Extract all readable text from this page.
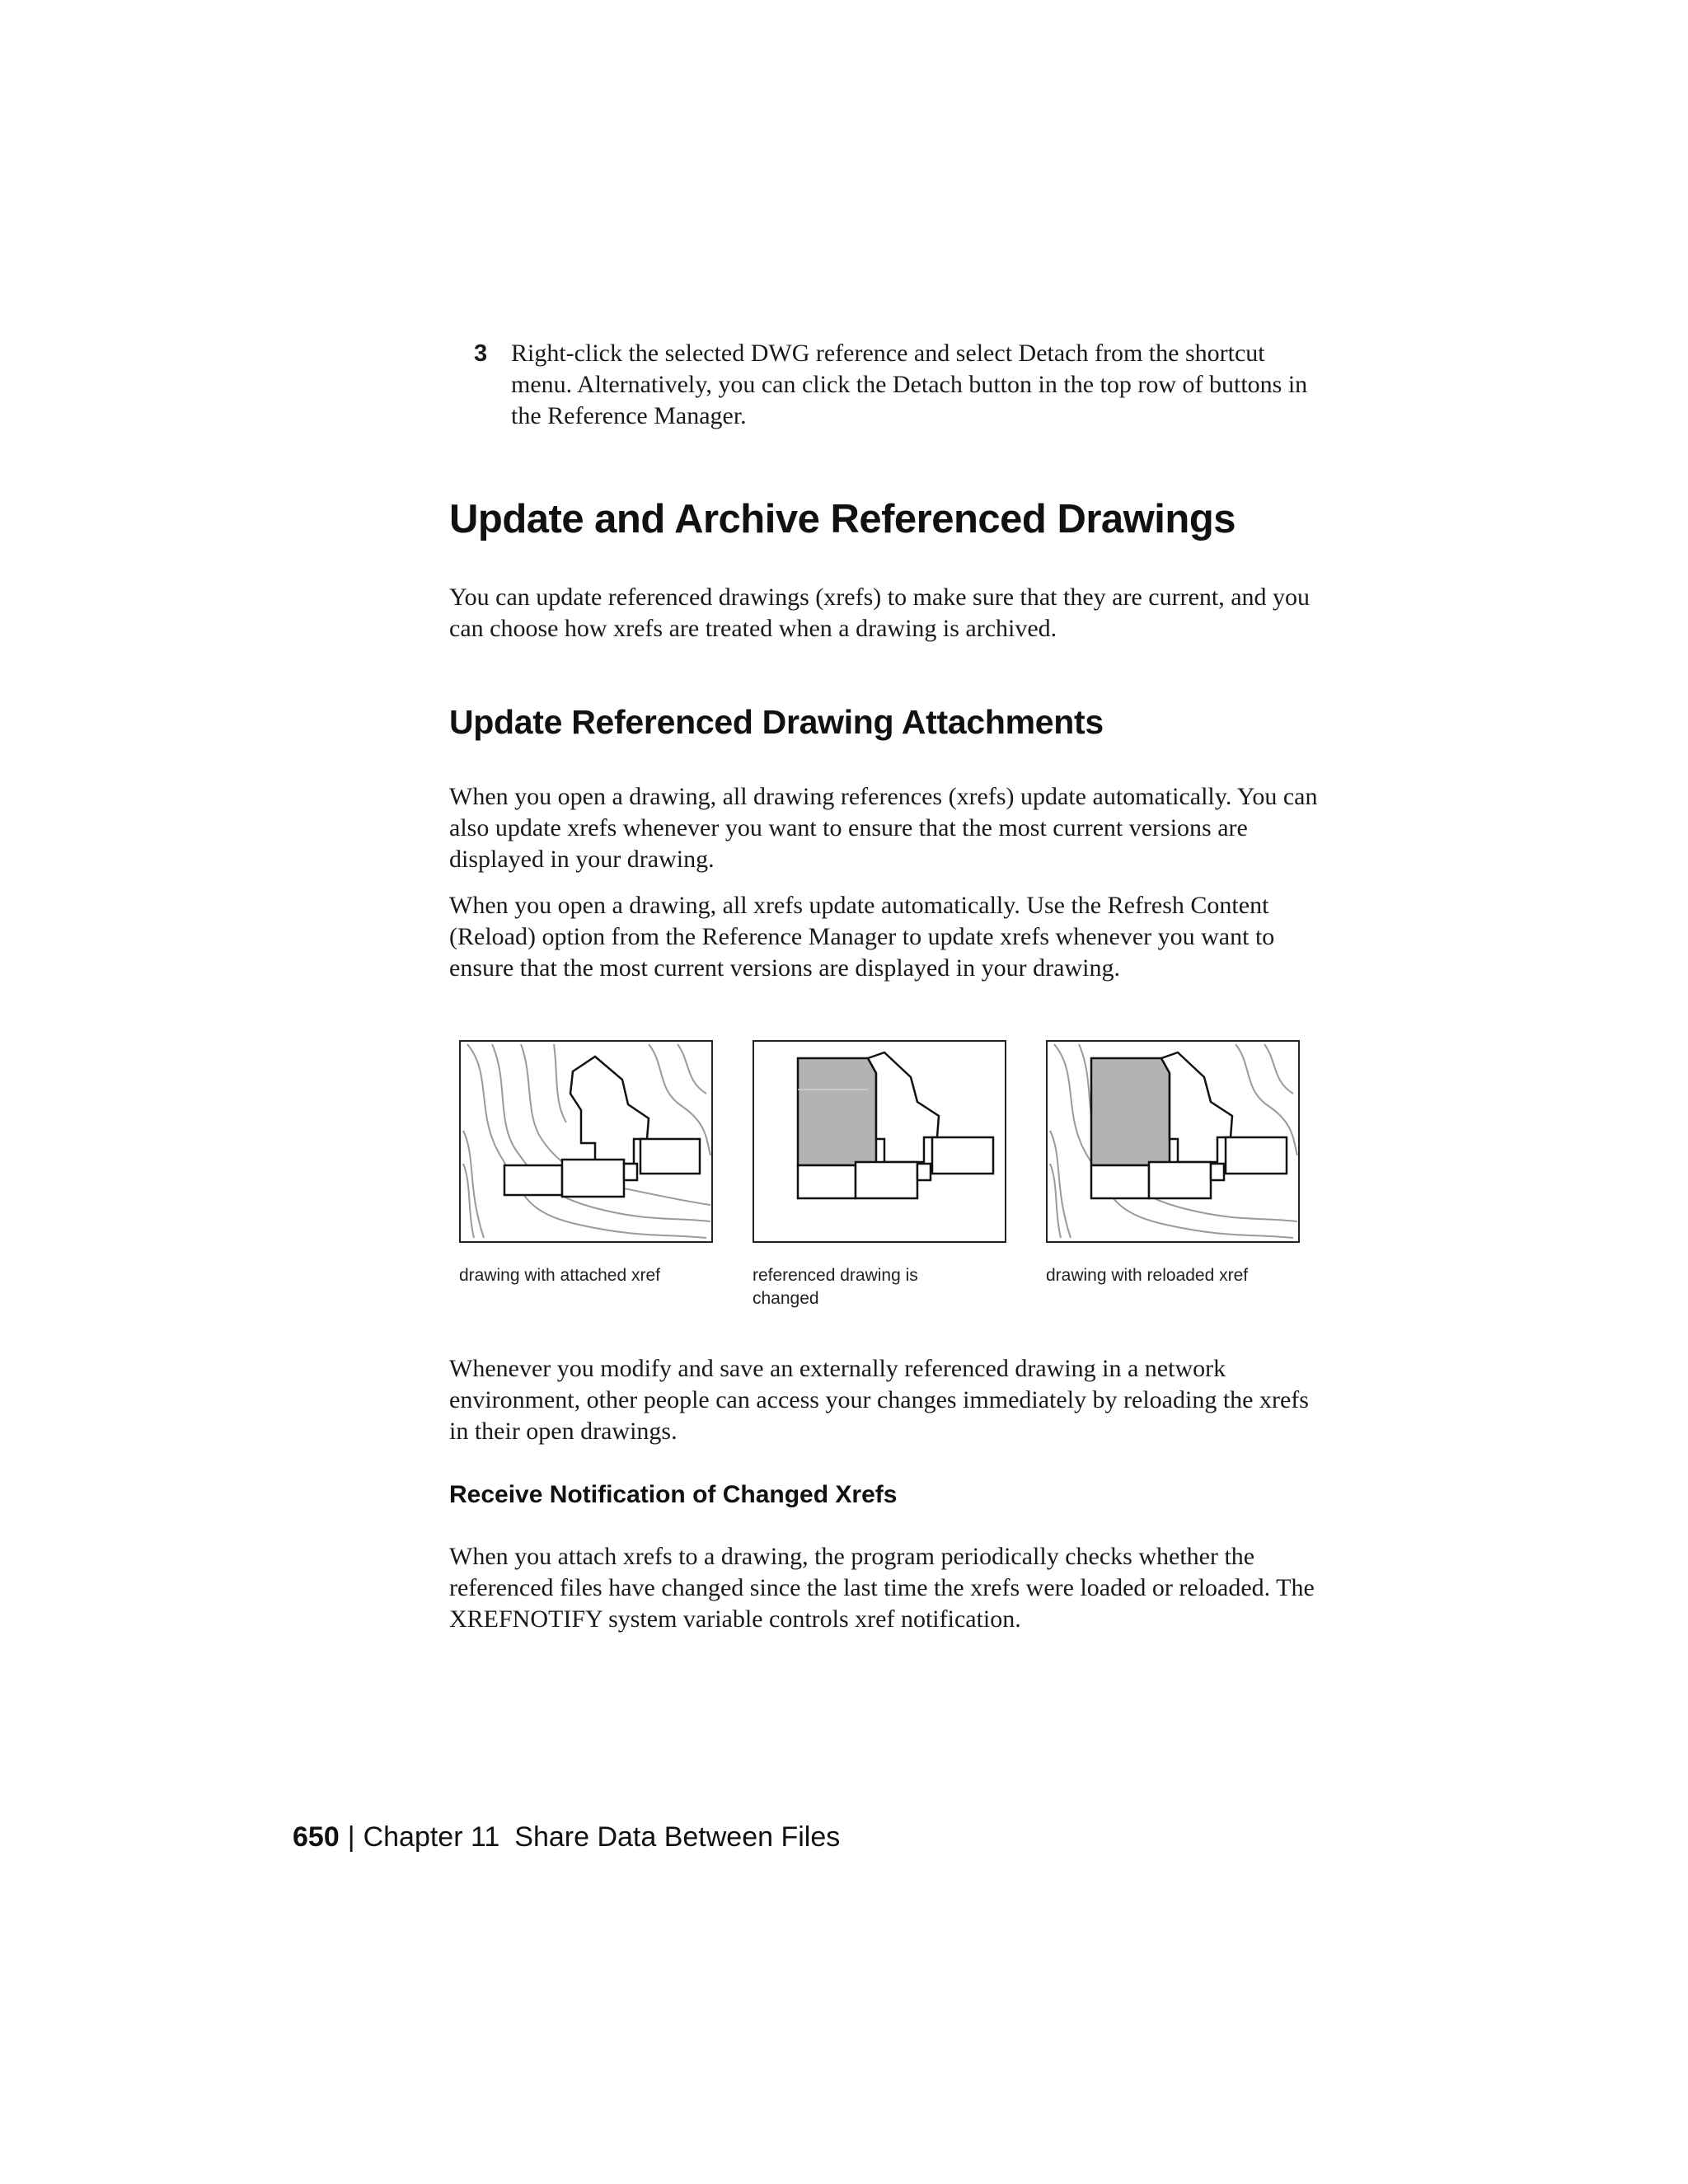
3 Right-click the selected DWG reference and select Detach from the shortcut menu. Alternatively, you can click the Detach button in the top row of buttons in the Reference Manager.
Update and Archive Referenced Drawings

You can update referenced drawings (xrefs) to make sure that they are current, and you can choose how xrefs are treated when a drawing is archived.

Update Referenced Drawing Attachments

When you open a drawing, all drawing references (xrefs) update automatically. You can also update xrefs whenever you want to ensure that the most current versions are displayed in your drawing.

When you open a drawing, all xrefs update automatically. Use the Refresh Content (Reload) option from the Reference Manager to update xrefs whenever you want to ensure that the most current versions are displayed in your drawing.

drawing with attached xref	referenced drawing is changed
drawing with reloaded xref

Whenever you modify and save an externally referenced drawing in a network environment, other people can access your changes immediately by reloading the xrefs in their open drawings.

Receive Notification of Changed Xrefs

When you attach xrefs to a drawing, the program periodically checks whether the referenced files have changed since the last time the xrefs were loaded or reloaded. The XREFNOTIFY system variable controls xref notification.

650 | Chapter 11 Share Data Between Files
